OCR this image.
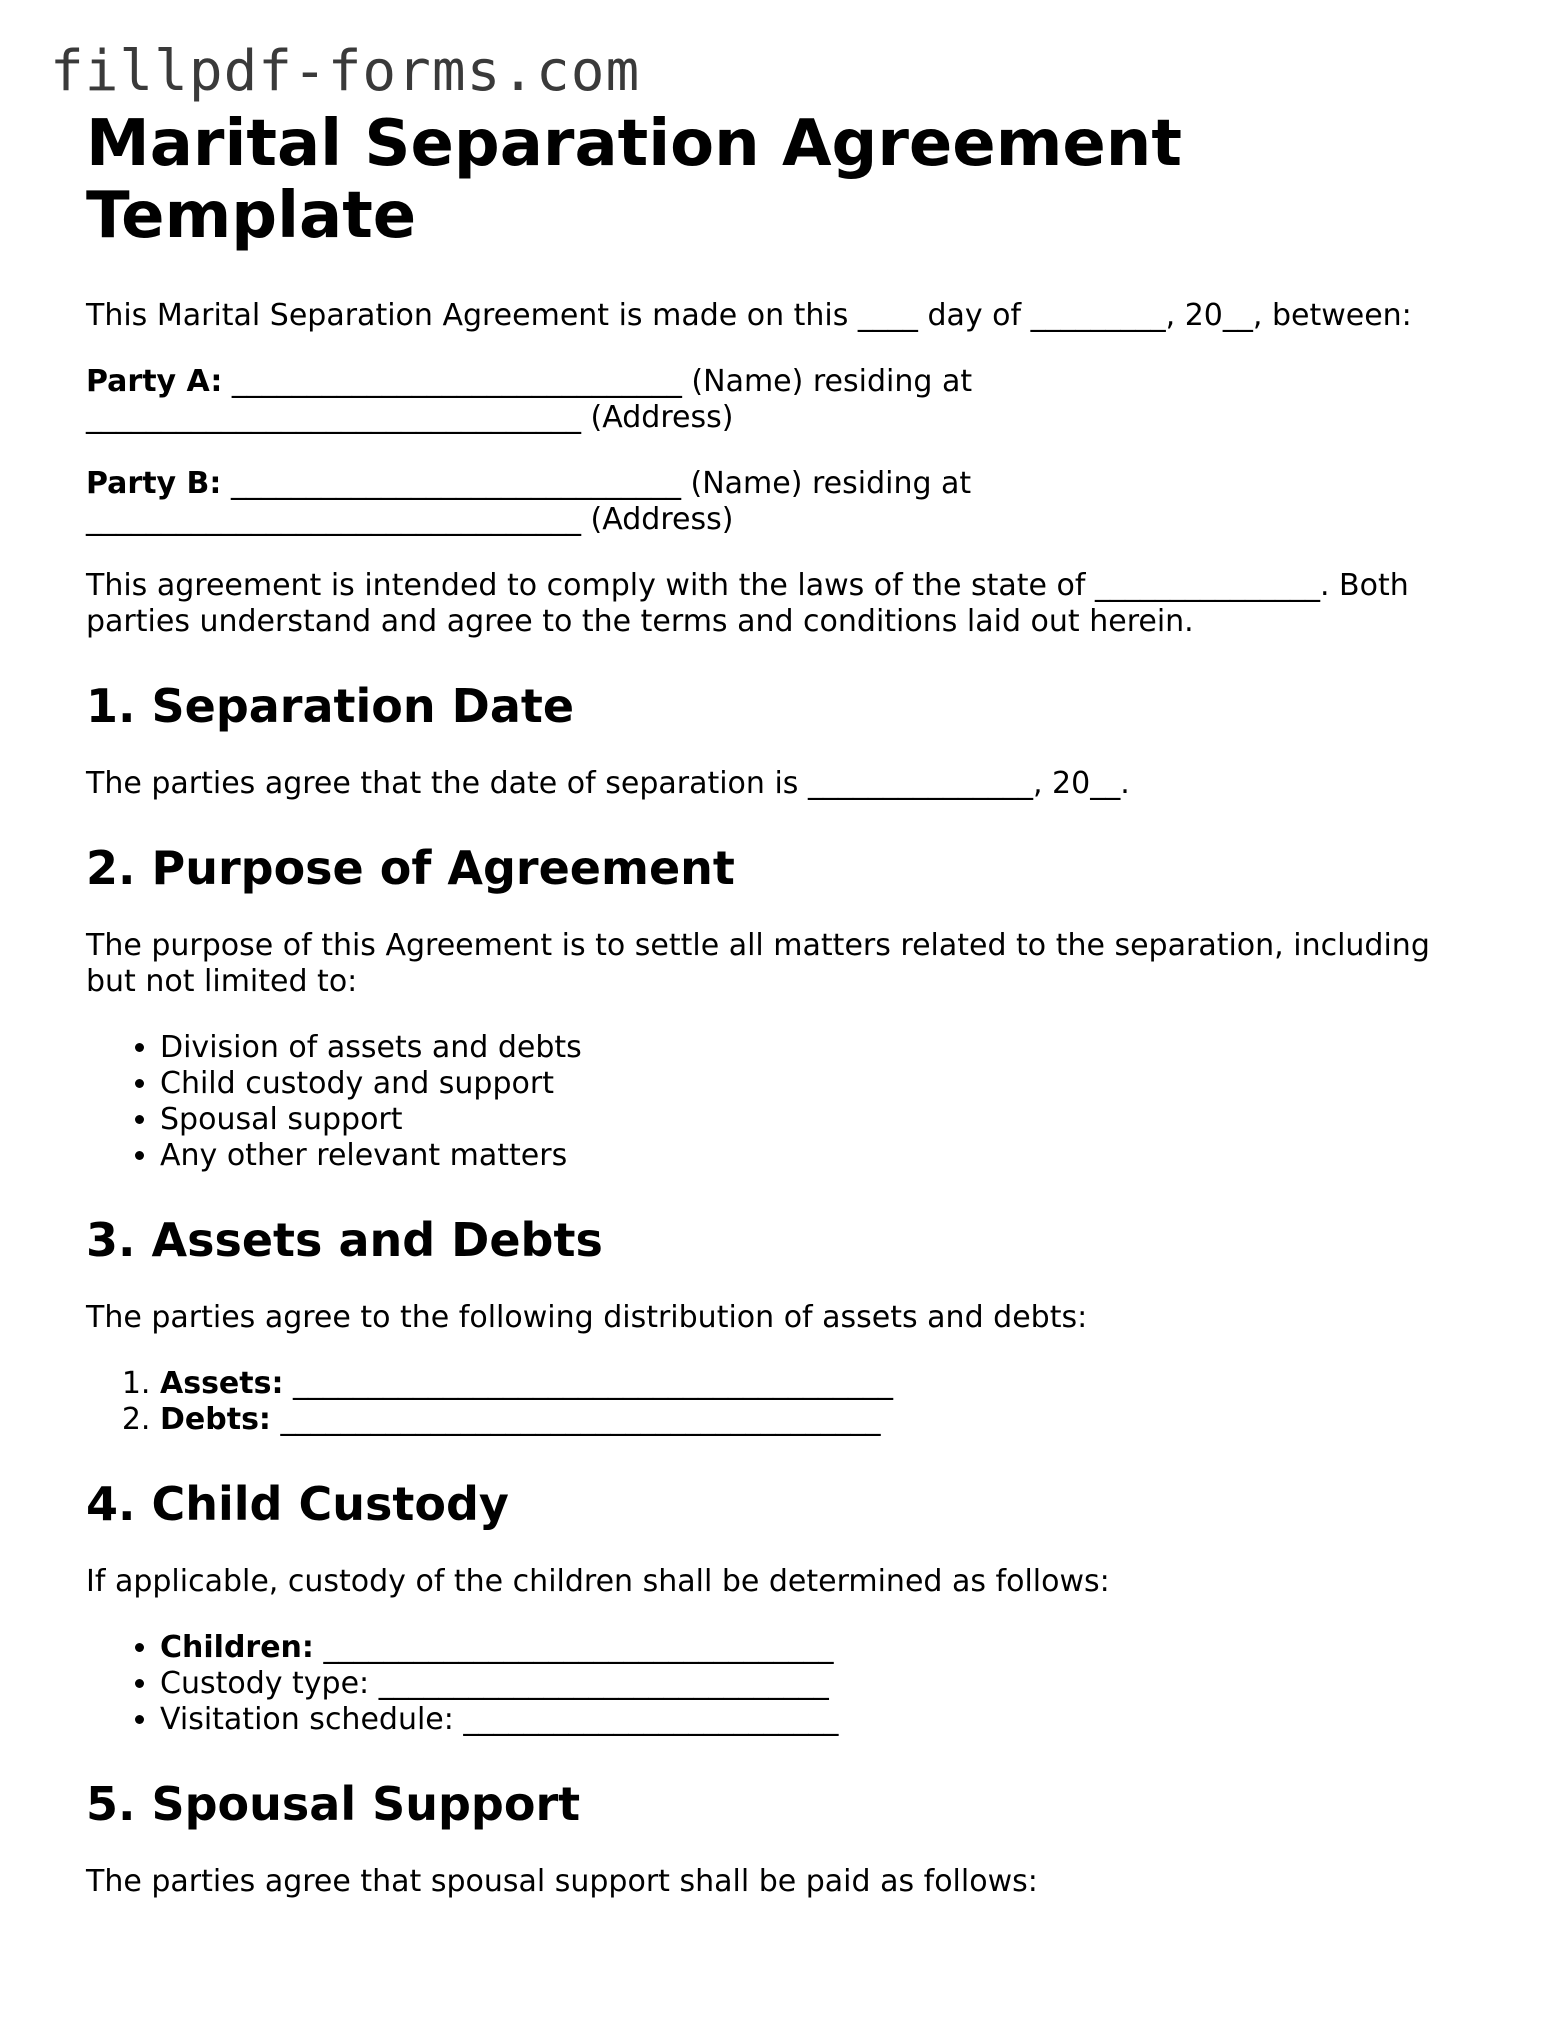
fillpdf-forms.com
Marital Separation Agreement Template

This Marital Separation Agreement is made on this ____ day of _________, 20__, between:

Party A: ______________________________ (Name) residing at
_________________________________ (Address)

Party B: ______________________________ (Name) residing at
_________________________________ (Address)

This agreement is intended to comply with the laws of the state of _______________. Both parties understand and agree to the terms and conditions laid out herein.

1. Separation Date

The parties agree that the date of separation is _______________, 20__.

2. Purpose of Agreement

The purpose of this Agreement is to settle all matters related to the separation, including but not limited to:

• Division of assets and debts
• Child custody and support
• Spousal support
• Any other relevant matters
3. Assets and Debts

The parties agree to the following distribution of assets and debts:

1. Assets: ________________________________________
2. Debts: ________________________________________
4. Child Custody

If applicable, custody of the children shall be determined as follows:

• Children: __________________________________
• Custody type: ______________________________
• Visitation schedule: _________________________
5. Spousal Support

The parties agree that spousal support shall be paid as follows:
